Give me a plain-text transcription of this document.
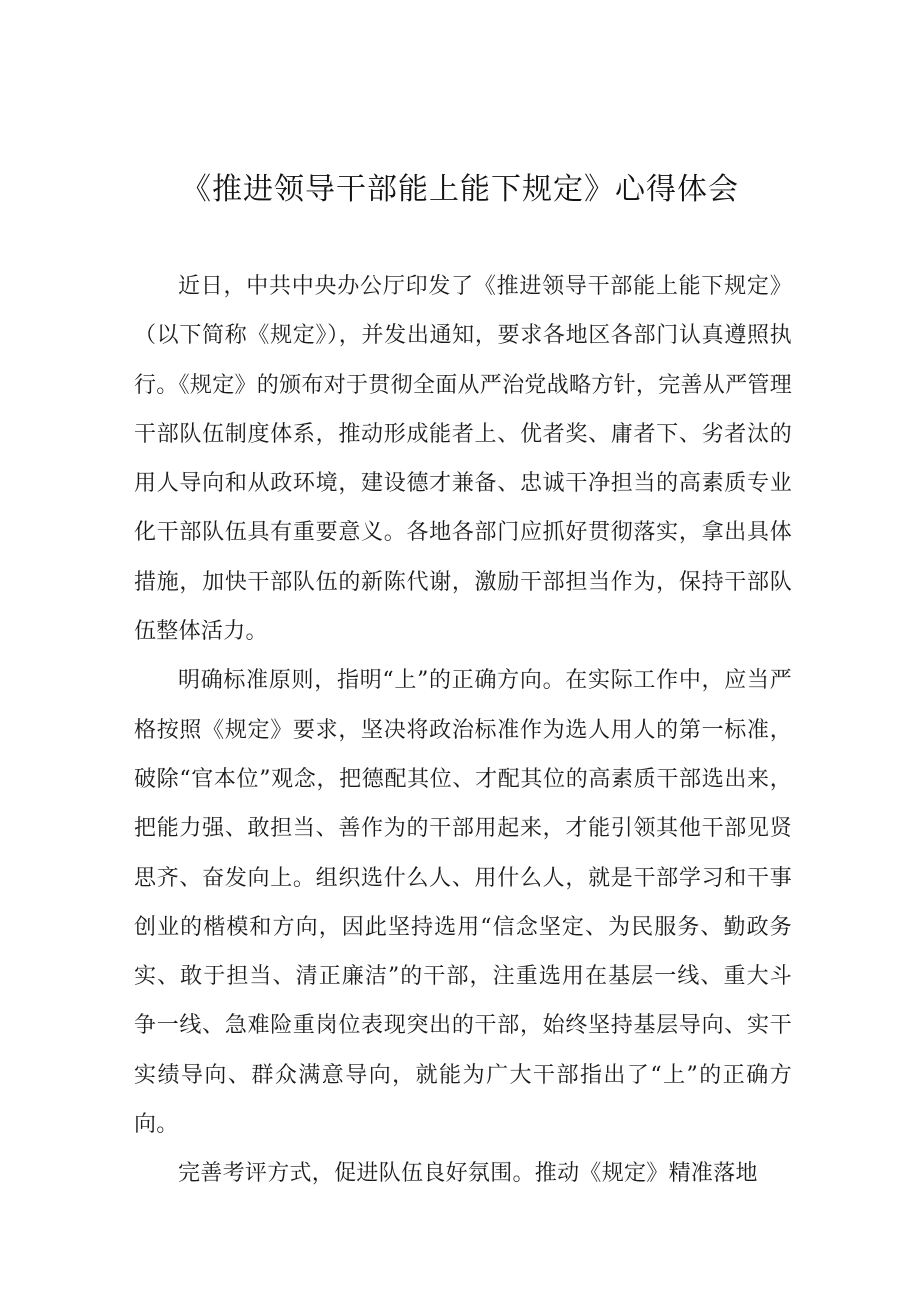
《推进领导干部能上能下规定》心得体会

近日，中共中央办公厅印发了《推进领导干部能上能下规定》（以下简称《规定》），并发出通知，要求各地区各部门认真遵照执行。《规定》的颁布对于贯彻全面从严治党战略方针，完善从严管理干部队伍制度体系，推动形成能者上、优者奖、庸者下、劣者汰的用人导向和从政环境，建设德才兼备、忠诚干净担当的高素质专业化干部队伍具有重要意义。各地各部门应抓好贯彻落实，拿出具体措施，加快干部队伍的新陈代谢，激励干部担当作为，保持干部队伍整体活力。

明确标准原则，指明“上”的正确方向。在实际工作中，应当严格按照《规定》要求，坚决将政治标准作为选人用人的第一标准，破除“官本位”观念，把德配其位、才配其位的高素质干部选出来，把能力强、敢担当、善作为的干部用起来，才能引领其他干部见贤思齐、奋发向上。组织选什么人、用什么人，就是干部学习和干事创业的楷模和方向，因此坚持选用“信念坚定、为民服务、勤政务实、敢于担当、清正廉洁”的干部，注重选用在基层一线、重大斗争一线、急难险重岗位表现突出的干部，始终坚持基层导向、实干实绩导向、群众满意导向，就能为广大干部指出了“上”的正确方向。

完善考评方式，促进队伍良好氛围。推动《规定》精准落地
